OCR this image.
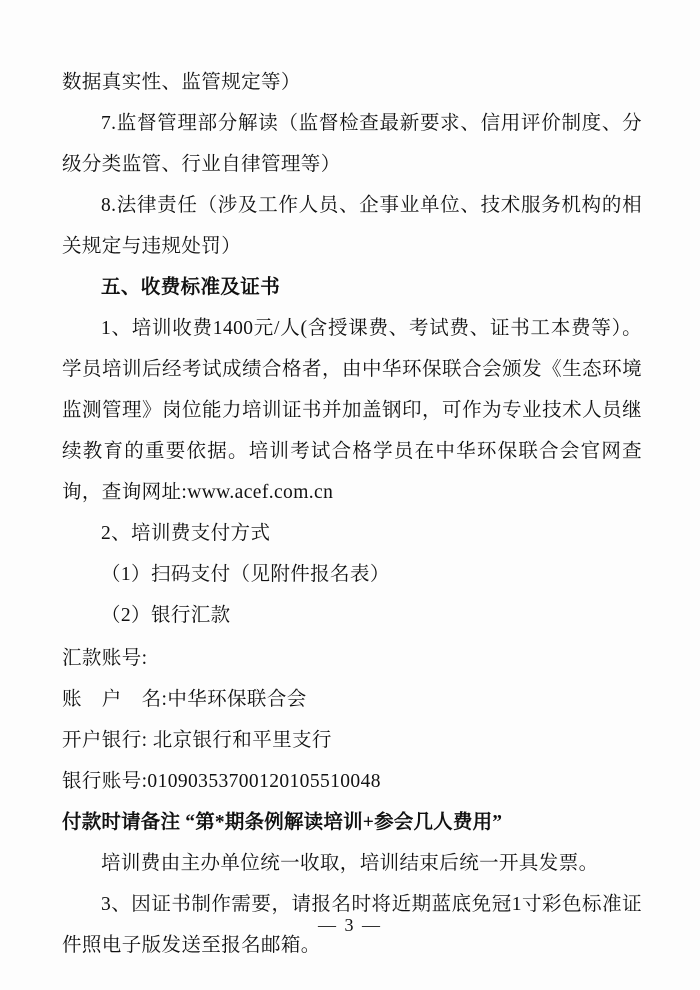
数据真实性、监管规定等）

7.监督管理部分解读（监督检查最新要求、信用评价制度、分级分类监管、行业自律管理等）

8.法律责任（涉及工作人员、企事业单位、技术服务机构的相关规定与违规处罚）

五、收费标准及证书

1、培训收费1400元/人(含授课费、考试费、证书工本费等）。学员培训后经考试成绩合格者，由中华环保联合会颁发《生态环境监测管理》岗位能力培训证书并加盖钢印，可作为专业技术人员继续教育的重要依据。培训考试合格学员在中华环保联合会官网查询，查询网址:www.acef.com.cn

2、培训费支付方式

（1）扫码支付（见附件报名表）

（2）银行汇款

汇款账号:

账　户　名:中华环保联合会

开户银行: 北京银行和平里支行

银行账号:01090353700120105510048

付款时请备注 “第*期条例解读培训+参会几人费用”

培训费由主办单位统一收取，培训结束后统一开具发票。

3、因证书制作需要，请报名时将近期蓝底免冠1寸彩色标准证件照电子版发送至报名邮箱。

— 3 —
